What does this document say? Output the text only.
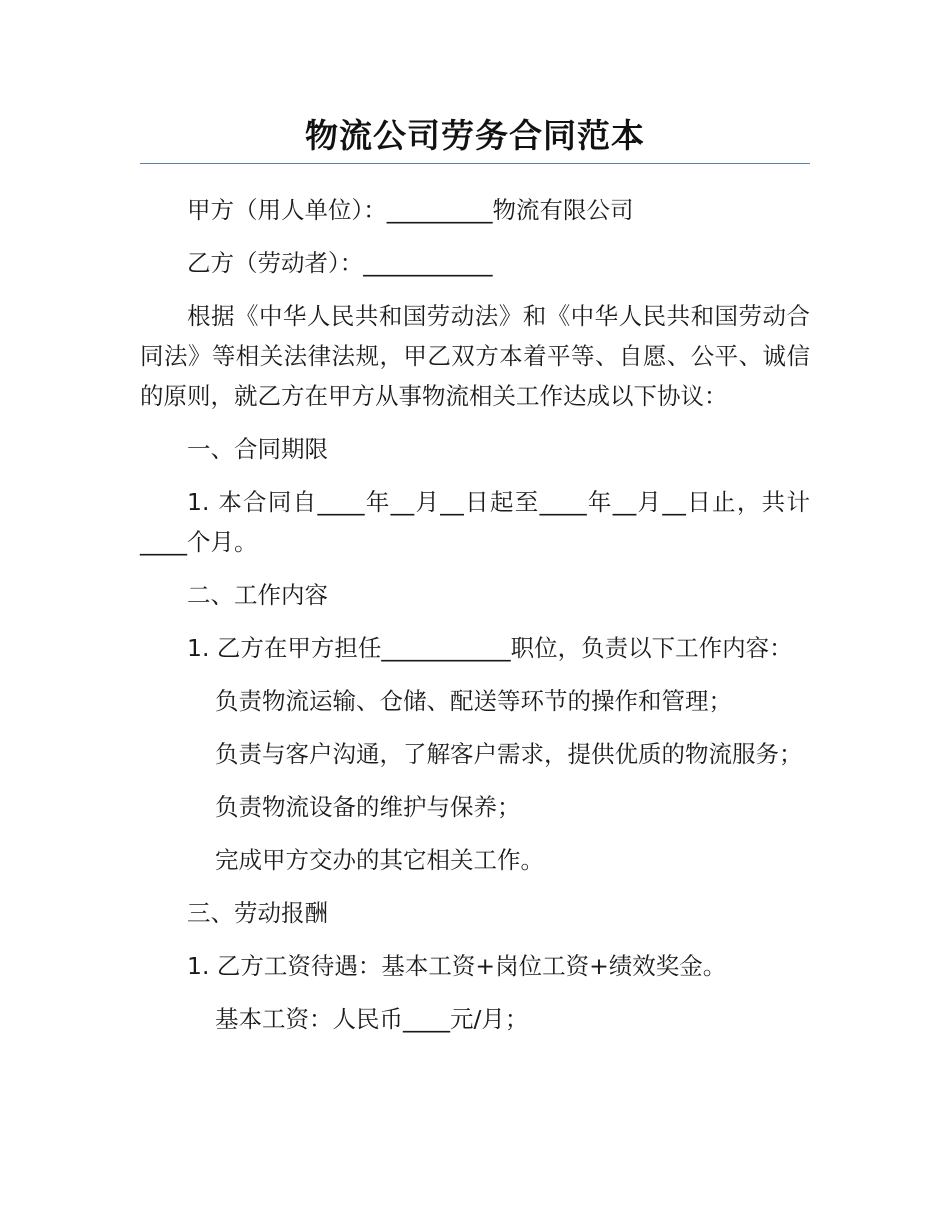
物流公司劳务合同范本

甲方（用人单位）：_________物流有限公司

乙方（劳动者）：___________

根据《中华人民共和国劳动法》和《中华人民共和国劳动合同法》等相关法律法规，甲乙双方本着平等、自愿、公平、诚信的原则，就乙方在甲方从事物流相关工作达成以下协议：

一、合同期限

1. 本合同自____年__月__日起至____年__月__日止，共计____个月。

二、工作内容

1. 乙方在甲方担任___________职位，负责以下工作内容：

负责物流运输、仓储、配送等环节的操作和管理；

负责与客户沟通，了解客户需求，提供优质的物流服务；

负责物流设备的维护与保养；

完成甲方交办的其它相关工作。

三、劳动报酬

1. 乙方工资待遇：基本工资+岗位工资+绩效奖金。

基本工资：人民币____元/月；
